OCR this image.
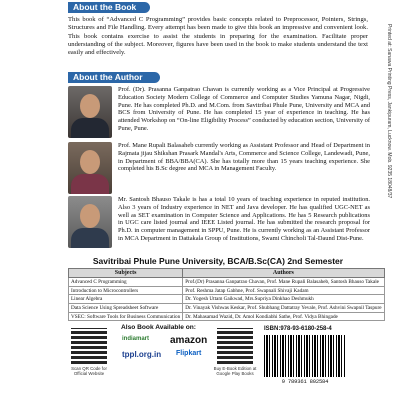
About the Book

This book of “Advanced C Programming” provides basic concepts related to Preprocessor, Pointers, Strings, Structures and File Handling. Every attempt has been made to give this book an impressive and convenient look. This book contains exercise to assist the students in preparing for the examination. Facilitate proper understanding of the subject. Moreover, figures have been used in the book to make students understand the text easily and effectively.

About the Author

Prof. (Dr). Prasanna Ganpatrao Chavan is currently working as a Vice Principal at Progressive Education Society Modern College of Commerce and Computer Studies Yamuna Nagar, Nigdi, Pune. He has completed Ph.D. and M.Com. from Savitribai Phule Pune, University and MCA and BCS from University of Pune. He has completed 15 year of experience in teaching. He has attended Workshop on “On-line Eligibility Process” conducted by education section, University of Pune, Pune.

Prof. Mane Rupali Balasaheb currently working as Assistant Professor and Head of Department in Rajmata jijau Shikshan Prasark Mandal's Arts, Commerce and Science College, Landewadi, Pune, in Department of BBA/BBA(CA). She has totally more than 15 years teaching experience. She completed his B.Sc degree and MCA in Management Faculty.

Mr. Santosh Bhauso Takale is has a total 10 years of teaching experience in reputed institution. Also 3 years of Industry experience in NET and Java developer. He has qualified UGC-NET as well as SET examination in Computer Science and Applications. He has 5 Research publications in UGC care listed journal and IEEE Listed journal. He has submitted the research proposal for Ph.D. in computer management in SPPU, Pune. He is currently working as an Assistant Professor in MCA Department in Dattakala Group of Institutions, Swami Chincholi Tal-Daund Dist-Pune.

Printed at: Sanawa Printing Press, Jankipuram, Lucknow. Mob. 9235 18048/37
Savitribai Phule Pune University, BCA/B.Sc(CA) 2nd Semester
Subjects	Authors
Advanced C Programming	Prof.(Dr) Prasanna Ganpatrao Chavan, Prof. Mane Rupali Balasaheb, Santosh Bhauso Takale
Introduction to Microcontrollers	Prof. Reshma Jatap Gabhne, Prof. Swapnali Shivaji Kadam
Linear Algebra	Dr. Yogesh Uttam Gaikwad, Mrs.Supriya Dinkhao Deshmukh
Data Science Using Spreadsheet Software	Dr. Vinayak Vishwas Keskar, Prof. Shubhang Dattatray Yevale, Prof. Ashvini Swapnil Taspure
VSEC: Software Tools for Business Communication	Dr. Mahasamad Wazid, Dr. Amol Kondiabhi Sathe, Prof. Vidya Bhingade
Scan QR Code for Official Website
Also Book Available on:
indiamart amazon
tppl.org.in Flipkart
Buy E-Book Edition at Google Play Books
ISBN:978-93-6180-258-4
9 789361 802584
